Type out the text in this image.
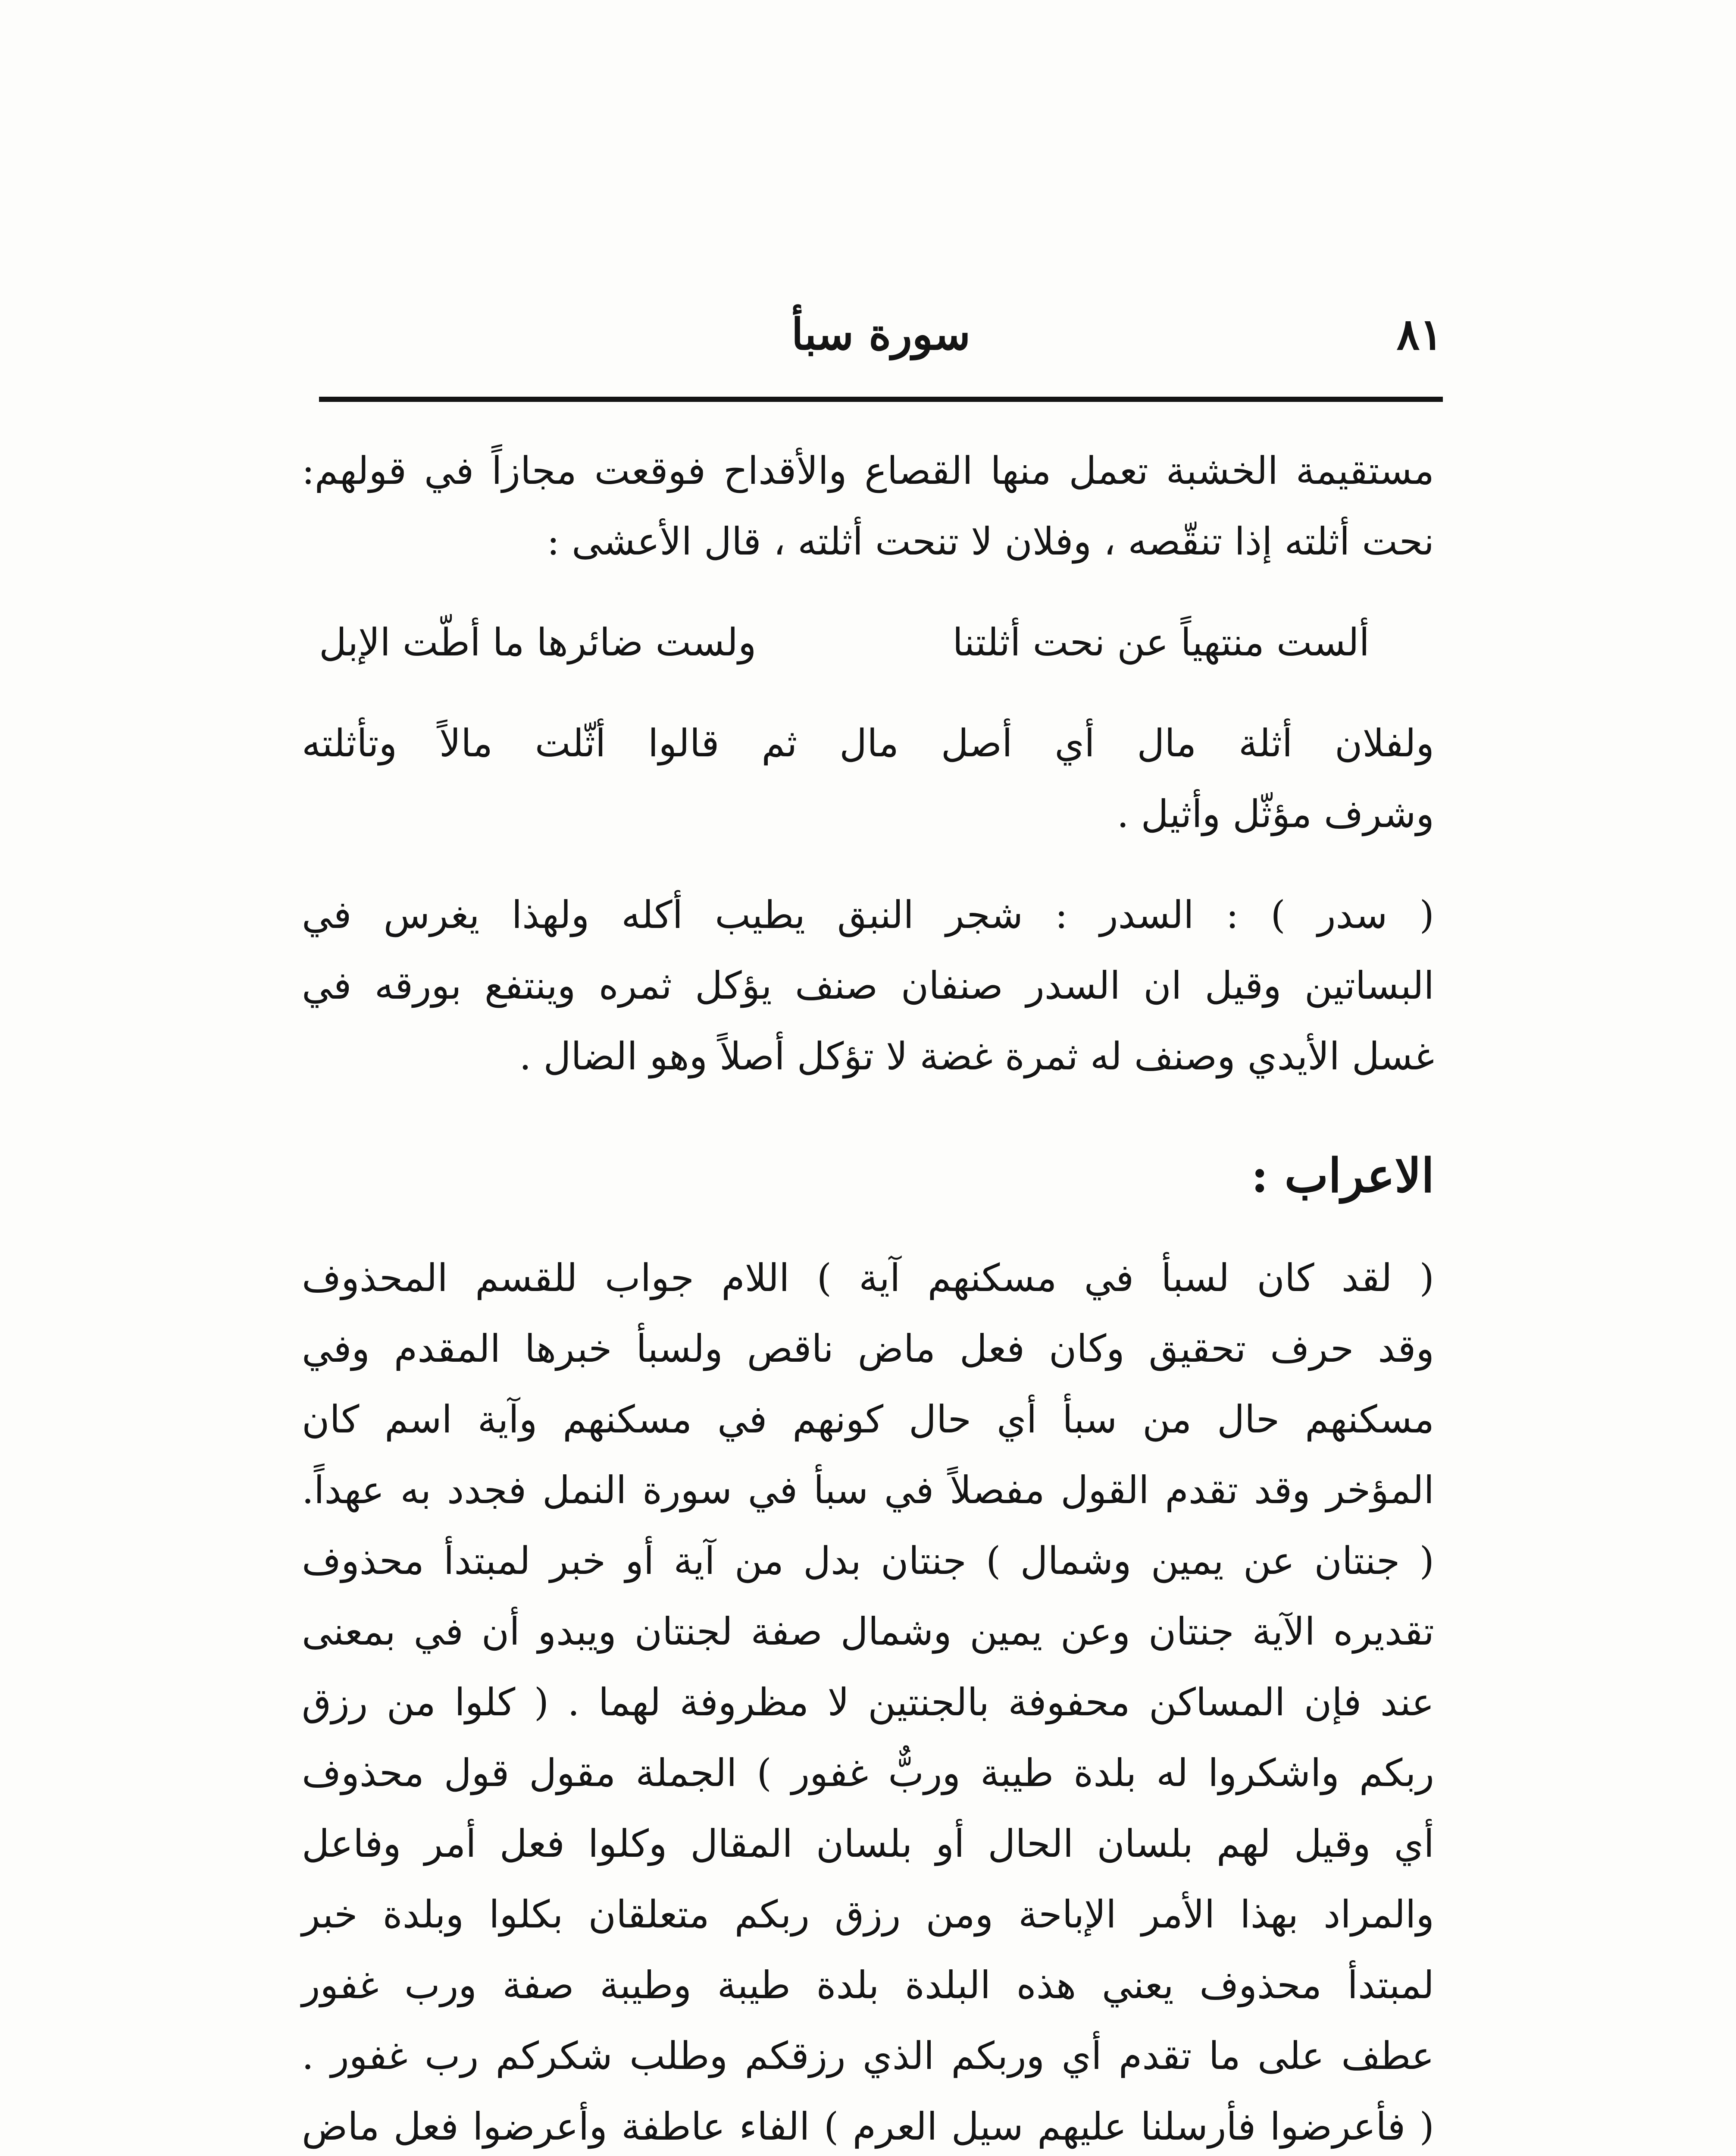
٨١
سورة سبأ
مستقيمة الخشبة تعمل منها القصاع والأقداح فوقعت مجازاً في قولهم:
نحت أثلته إذا تنقّصه ، وفلان لا تنحت أثلته ، قال الأعشى :
ألست منتهياً عن نحت أثلتنا
ولست ضائرها ما أطّت الإبل
ولفلان أثلة مال أي أصل مال ثم قالوا أثّلت مالاً وتأثلته
وشرف مؤثّل وأثيل .
( سدر ) : السدر : شجر النبق يطيب أكله ولهذا يغرس في
البساتين وقيل ان السدر صنفان صنف يؤكل ثمره وينتفع بورقه في
غسل الأيدي وصنف له ثمرة غضة لا تؤكل أصلاً وهو الضال .
الاعراب :
( لقد كان لسبأ في مسكنهم آية ) اللام جواب للقسم المحذوف
وقد حرف تحقيق وكان فعل ماض ناقص ولسبأ خبرها المقدم وفي
مسكنهم حال من سبأ أي حال كونهم في مسكنهم وآية اسم كان
المؤخر وقد تقدم القول مفصلاً في سبأ في سورة النمل فجدد به عهداً.
( جنتان عن يمين وشمال ) جنتان بدل من آية أو خبر لمبتدأ محذوف
تقديره الآية جنتان وعن يمين وشمال صفة لجنتان ويبدو أن في بمعنى
عند فإن المساكن محفوفة بالجنتين لا مظروفة لهما . ( كلوا من رزق
ربكم واشكروا له بلدة طيبة وربٌّ غفور ) الجملة مقول قول محذوف
أي وقيل لهم بلسان الحال أو بلسان المقال وكلوا فعل أمر وفاعل
والمراد بهذا الأمر الإباحة ومن رزق ربكم متعلقان بكلوا وبلدة خبر
لمبتدأ محذوف يعني هذه البلدة بلدة طيبة وطيبة صفة ورب غفور
عطف على ما تقدم أي وربكم الذي رزقكم وطلب شكركم رب غفور .
( فأعرضوا فأرسلنا عليهم سيل العرم ) الفاء عاطفة وأعرضوا فعل ماض
